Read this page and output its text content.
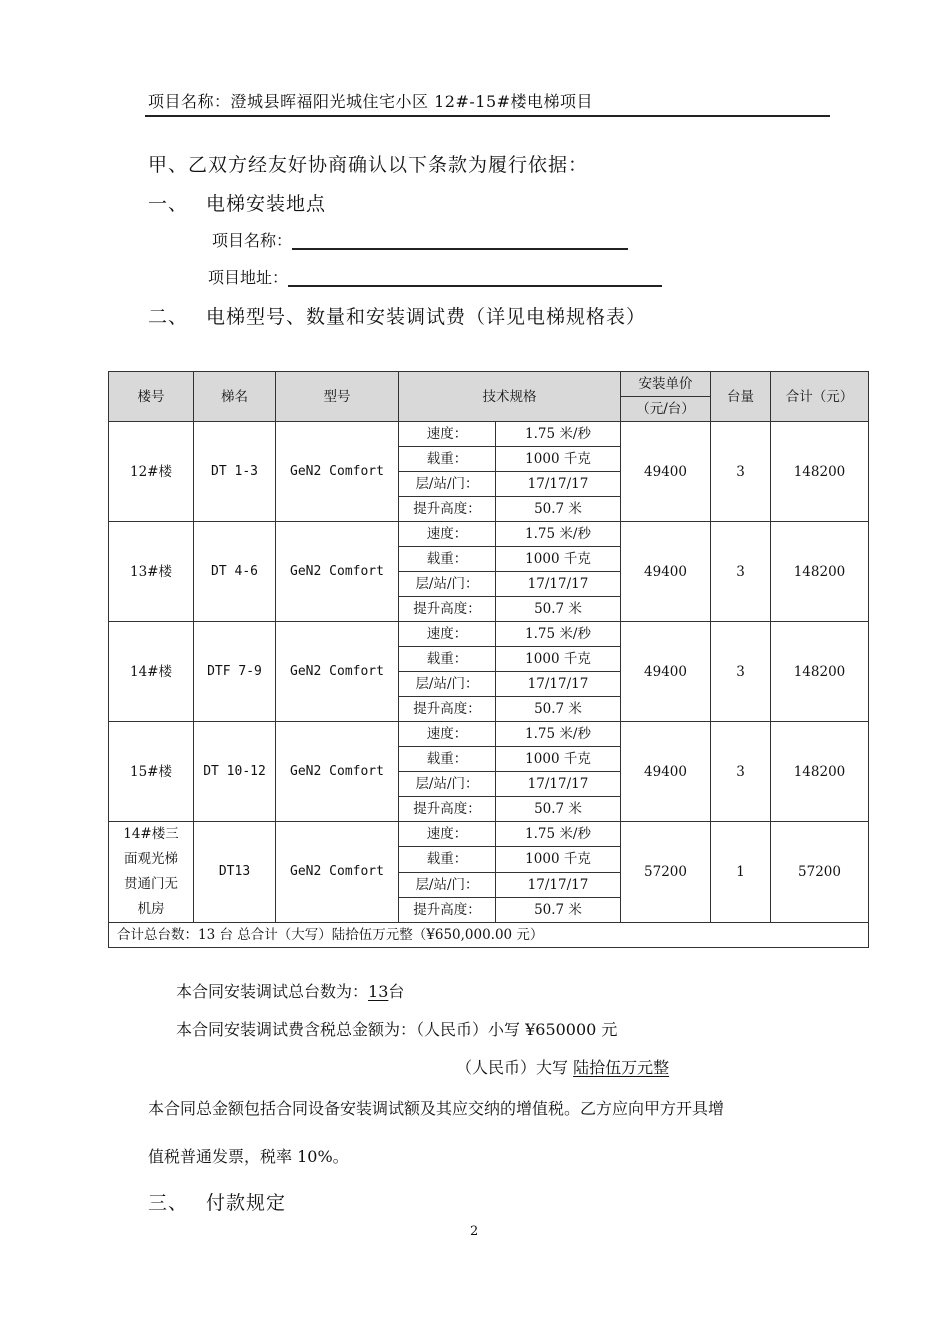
项目名称：澄城县晖福阳光城住宅小区 12#-15#楼电梯项目
甲、乙双方经友好协商确认以下条款为履行依据：
一、 电梯安装地点
项目名称：
项目地址：
二、 电梯型号、数量和安装调试费（详见电梯规格表）
楼号	梯名	型号	技术规格		安装单价	台量	合计（元）
					（元/台）		
12#楼	DT 1-3	GeN2 Comfort	速度：	1.75 米/秒	49400	3	148200
			载重：	1000 千克			
			层/站/门：	17/17/17			
			提升高度：	50.7 米			
13#楼	DT 4-6	GeN2 Comfort	速度：	1.75 米/秒	49400	3	148200
			载重：	1000 千克			
			层/站/门：	17/17/17			
			提升高度：	50.7 米			
14#楼	DTF 7-9	GeN2 Comfort	速度：	1.75 米/秒	49400	3	148200
			载重：	1000 千克			
			层/站/门：	17/17/17			
			提升高度：	50.7 米			
15#楼	DT 10-12	GeN2 Comfort	速度：	1.75 米/秒	49400	3	148200
			载重：	1000 千克			
			层/站/门：	17/17/17			
			提升高度：	50.7 米			

14#楼三
面观光梯
贯通门无
机房	DT13	GeN2 Comfort	速度：	1.75 米/秒	57200	1	57200
			载重：	1000 千克			
			层/站/门：	17/17/17			
			提升高度：	50.7 米			
合计总台数：13 台 总合计（大写）陆拾伍万元整（¥650,000.00 元）							
本合同安装调试总台数为：13台
本合同安装调试费含税总金额为：（人民币）小写 ¥650000 元
（人民币）大写 陆拾伍万元整
本合同总金额包括合同设备安装调试额及其应交纳的增值税。乙方应向甲方开具增
值税普通发票，税率 10%。
三、 付款规定
2
